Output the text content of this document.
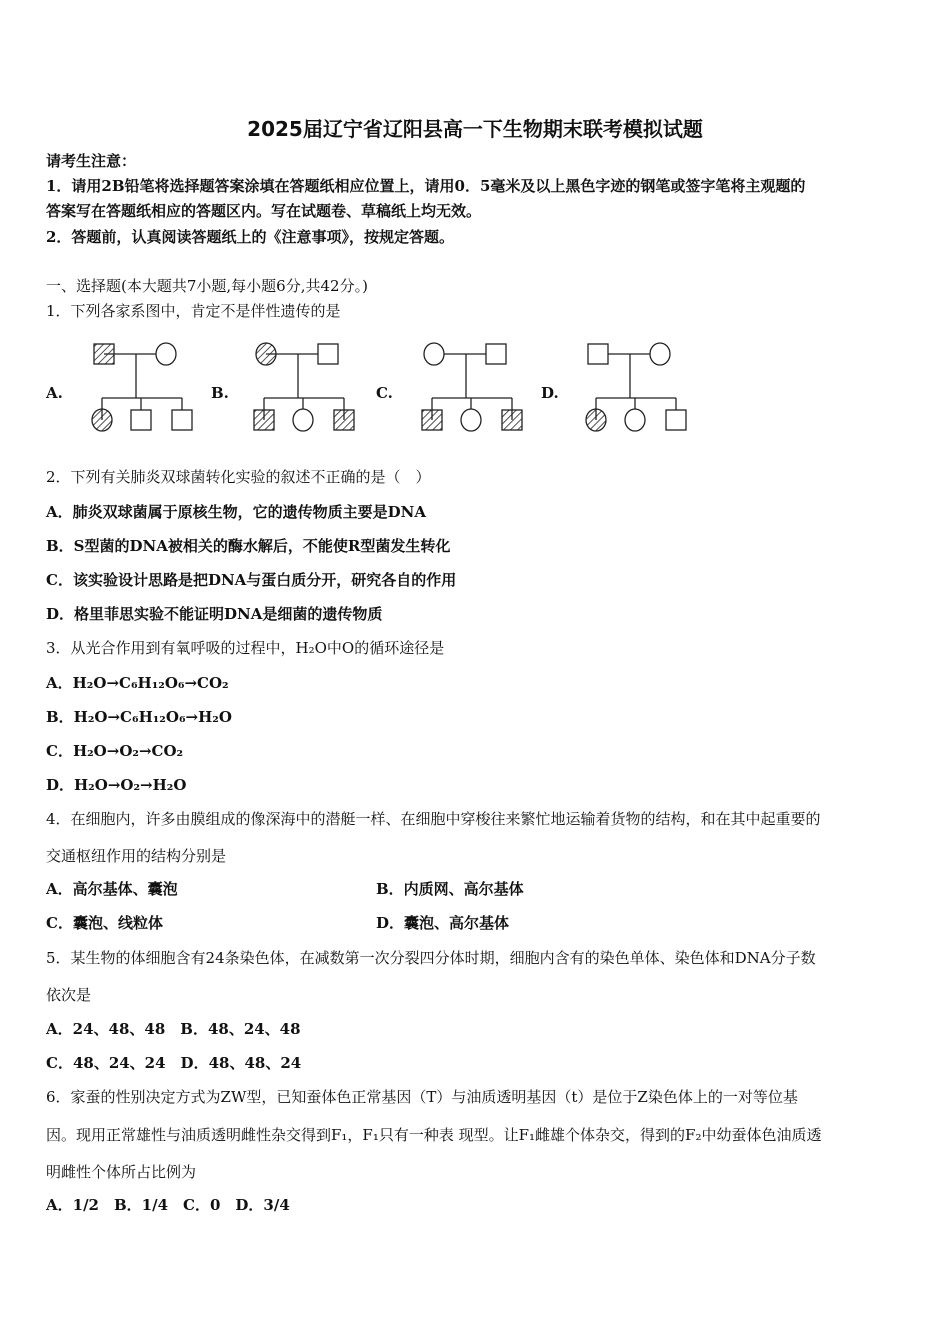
2025届辽宁省辽阳县高一下生物期末联考模拟试题
请考生注意：
1．请用2B铅笔将选择题答案涂填在答题纸相应位置上，请用0．5毫米及以上黑色字迹的钢笔或签字笔将主观题的
答案写在答题纸相应的答题区内。写在试题卷、草稿纸上均无效。
2．答题前，认真阅读答题纸上的《注意事项》，按规定答题。
一、选择题(本大题共7小题,每小题6分,共42分。)
1．下列各家系图中，肯定不是伴性遗传的是
A.	B.	C.	D.
2．下列有关肺炎双球菌转化实验的叙述不正确的是（　）
A．肺炎双球菌属于原核生物，它的遗传物质主要是DNA
B．S型菌的DNA被相关的酶水解后，不能使R型菌发生转化
C．该实验设计思路是把DNA与蛋白质分开，研究各自的作用
D．格里菲思实验不能证明DNA是细菌的遗传物质
3．从光合作用到有氧呼吸的过程中，H₂O中O的循环途径是
A．H₂O→C₆H₁₂O₆→CO₂
B．H₂O→C₆H₁₂O₆→H₂O
C．H₂O→O₂→CO₂
D．H₂O→O₂→H₂O
4．在细胞内，许多由膜组成的像深海中的潜艇一样、在细胞中穿梭往来繁忙地运输着货物的结构，和在其中起重要的
交通枢纽作用的结构分别是
A．高尔基体、囊泡	B．内质网、高尔基体
C．囊泡、线粒体	D．囊泡、高尔基体
5．某生物的体细胞含有24条染色体，在减数第一次分裂四分体时期，细胞内含有的染色单体、染色体和DNA分子数
依次是
A．24、48、48　B．48、24、48
C．48、24、24　D．48、48、24
6．家蚕的性别决定方式为ZW型，已知蚕体色正常基因（T）与油质透明基因（t）是位于Z染色体上的一对等位基
因。现用正常雄性与油质透明雌性杂交得到F₁，F₁只有一种表 现型。让F₁雌雄个体杂交，得到的F₂中幼蚕体色油质透
明雌性个体所占比例为
A．1/2　B．1/4　C．0　D．3/4
